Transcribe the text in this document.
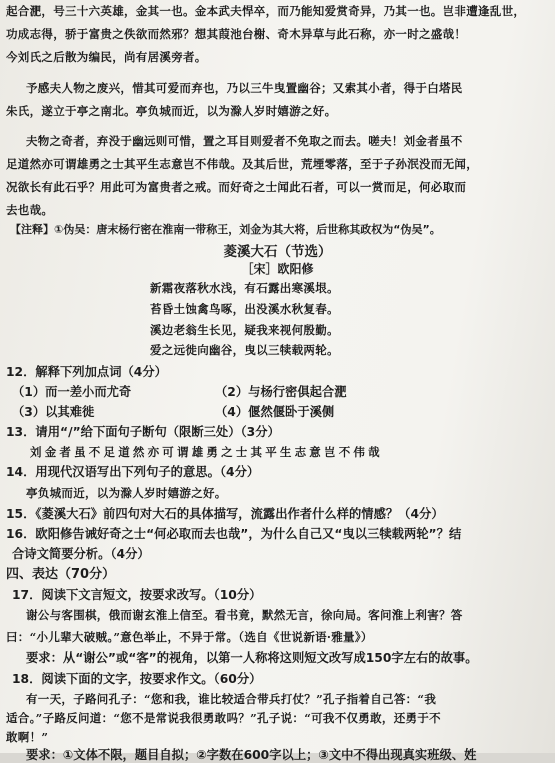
起合淝，号三十六英雄，金其一也。金本武夫悍卒，而乃能知爱赏奇异，乃其一也。岂非遭逢乱世，
功成志得，骄于富贵之佚欲而然邪？想其葭池台榭、奇木异草与此石称，亦一时之盛哉！
今刘氏之后散为编民，尚有居溪旁者。
予感夫人物之废兴，惜其可爱而弃也，乃以三牛曳置幽谷；又索其小者，得于白塔民
朱氏，遂立于亭之南北。亭负城而近，以为滁人岁时嬉游之好。
夫物之奇者，弃没于幽远则可惜，置之耳目则爱者不免取之而去。嗟夫！刘金者虽不
足道然亦可谓雄勇之士其平生志意岂不伟哉。及其后世，荒堙零落，至于子孙泯没而无闻，
况欲长有此石乎？用此可为富贵者之戒。而好奇之士闻此石者，可以一赏而足，何必取而
去也哉。
【注释】①伪吴：唐末杨行密在淮南一带称王，刘金为其大将，后世称其政权为“伪吴”。
菱溪大石（节选）
［宋］欧阳修
新霜夜落秋水浅，有石露出寒溪垠。
苔昏土蚀禽鸟啄，出没溪水秋复春。
溪边老翁生长见，疑我来视何殷勤。
爱之远徙向幽谷，曳以三犊载两轮。
12．解释下列加点词（4分）
（1）而一差小而尤奇	（2）与杨行密俱起合淝
（3）以其难徙	（4）偃然偃卧于溪侧
13．请用“/”给下面句子断句（限断三处）（3分）
刘金者虽不足道然亦可谓雄勇之士其平生志意岂不伟哉
14．用现代汉语写出下列句子的意思。（4分）
亭负城而近，以为滁人岁时嬉游之好。
15．《菱溪大石》前四句对大石的具体描写，流露出作者什么样的情感？（4分）
16．欧阳修告诫好奇之士“何必取而去也哉”，为什么自己又“曳以三犊载两轮”？结
合诗文简要分析。（4分）
四、表达（70分）
17．阅读下文言短文，按要求改写。（10分）
谢公与客围棋，俄而谢玄淮上信至。看书竟，默然无言，徐向局。客问淮上利害？答
曰：“小儿辈大破贼。”意色举止，不异于常。（选自《世说新语·雅量》）
要求：从“谢公”或“客”的视角，以第一人称将这则短文改写成150字左右的故事。
18．阅读下面的文字，按要求作文。（60分）
有一天，子路问孔子：“您和我，谁比较适合带兵打仗？”孔子指着自己答：“我
适合。”子路反问道：“您不是常说我很勇敢吗？”孔子说：“可我不仅勇敢，还勇于不
敢啊！”
要求：①文体不限，题目自拟；②字数在600字以上；③文中不得出现真实班级、姓
